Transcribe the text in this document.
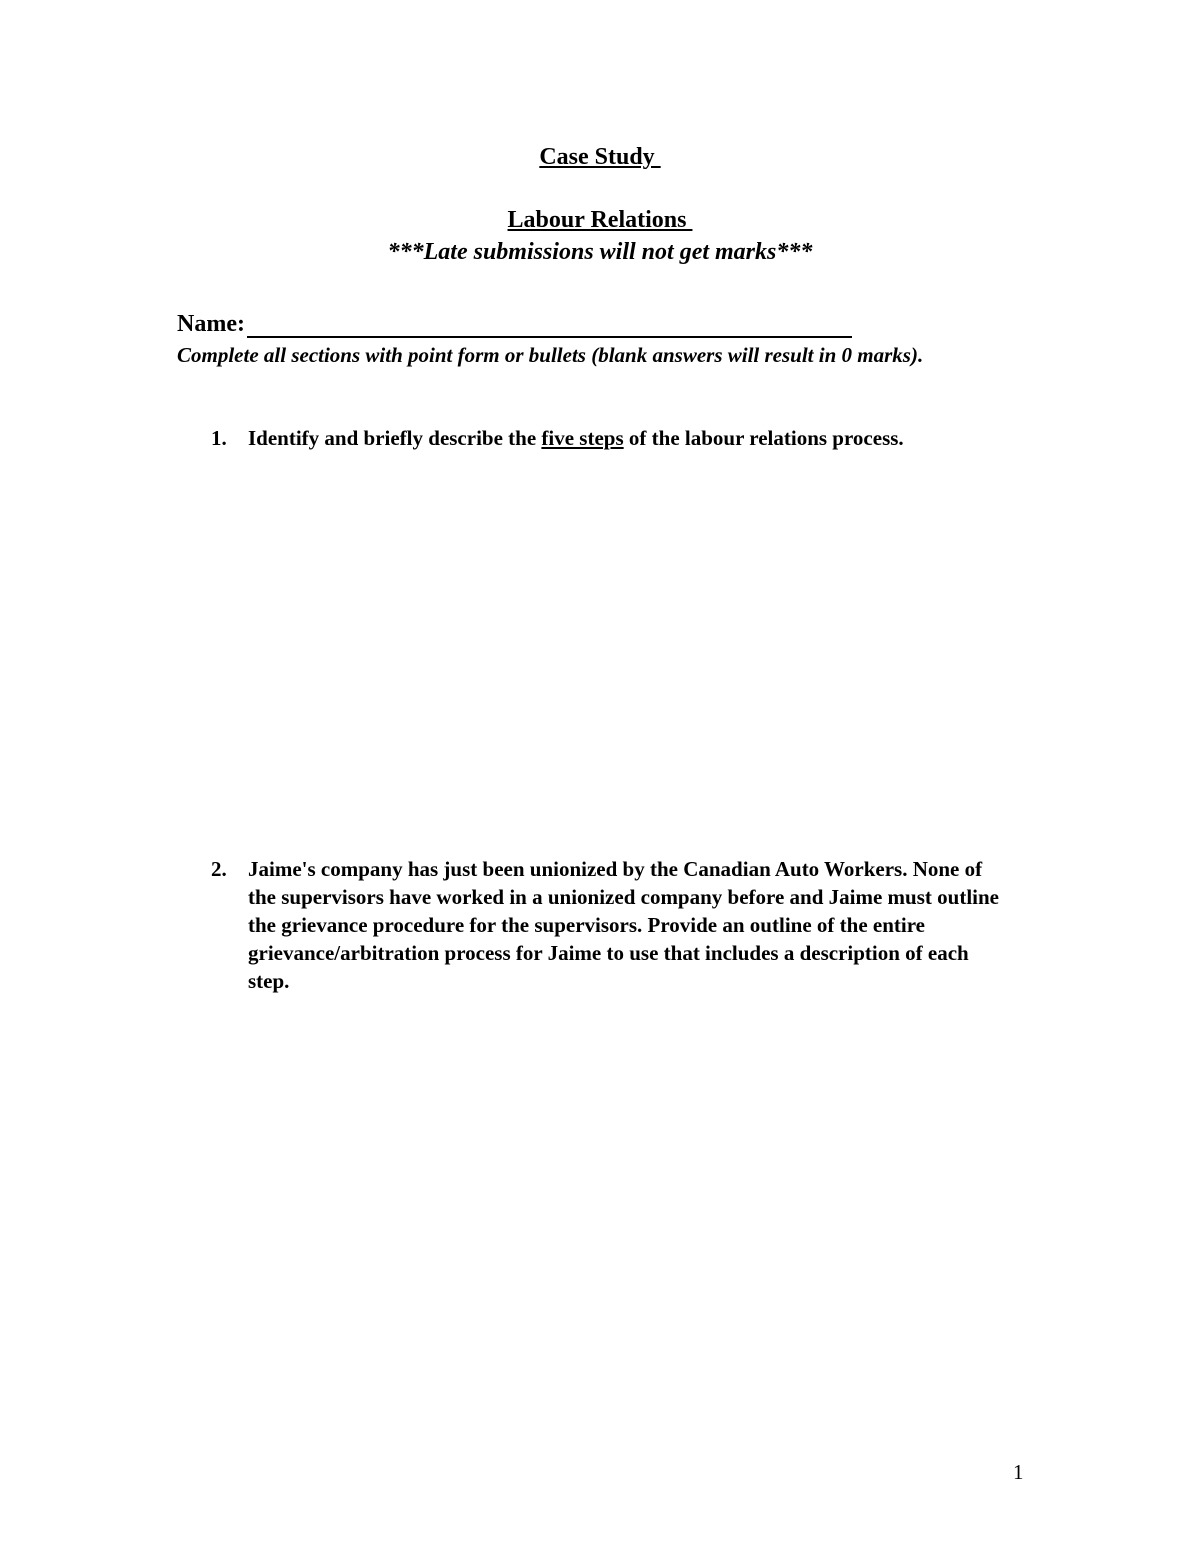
Case Study
Labour Relations
***Late submissions will not get marks***
Name:
Complete all sections with point form or bullets (blank answers will result in 0 marks).
1. Identify and briefly describe the five steps of the labour relations process.
2. Jaime's company has just been unionized by the Canadian Auto Workers. None of the supervisors have worked in a unionized company before and Jaime must outline the grievance procedure for the supervisors. Provide an outline of the entire grievance/arbitration process for Jaime to use that includes a description of each step.
1
